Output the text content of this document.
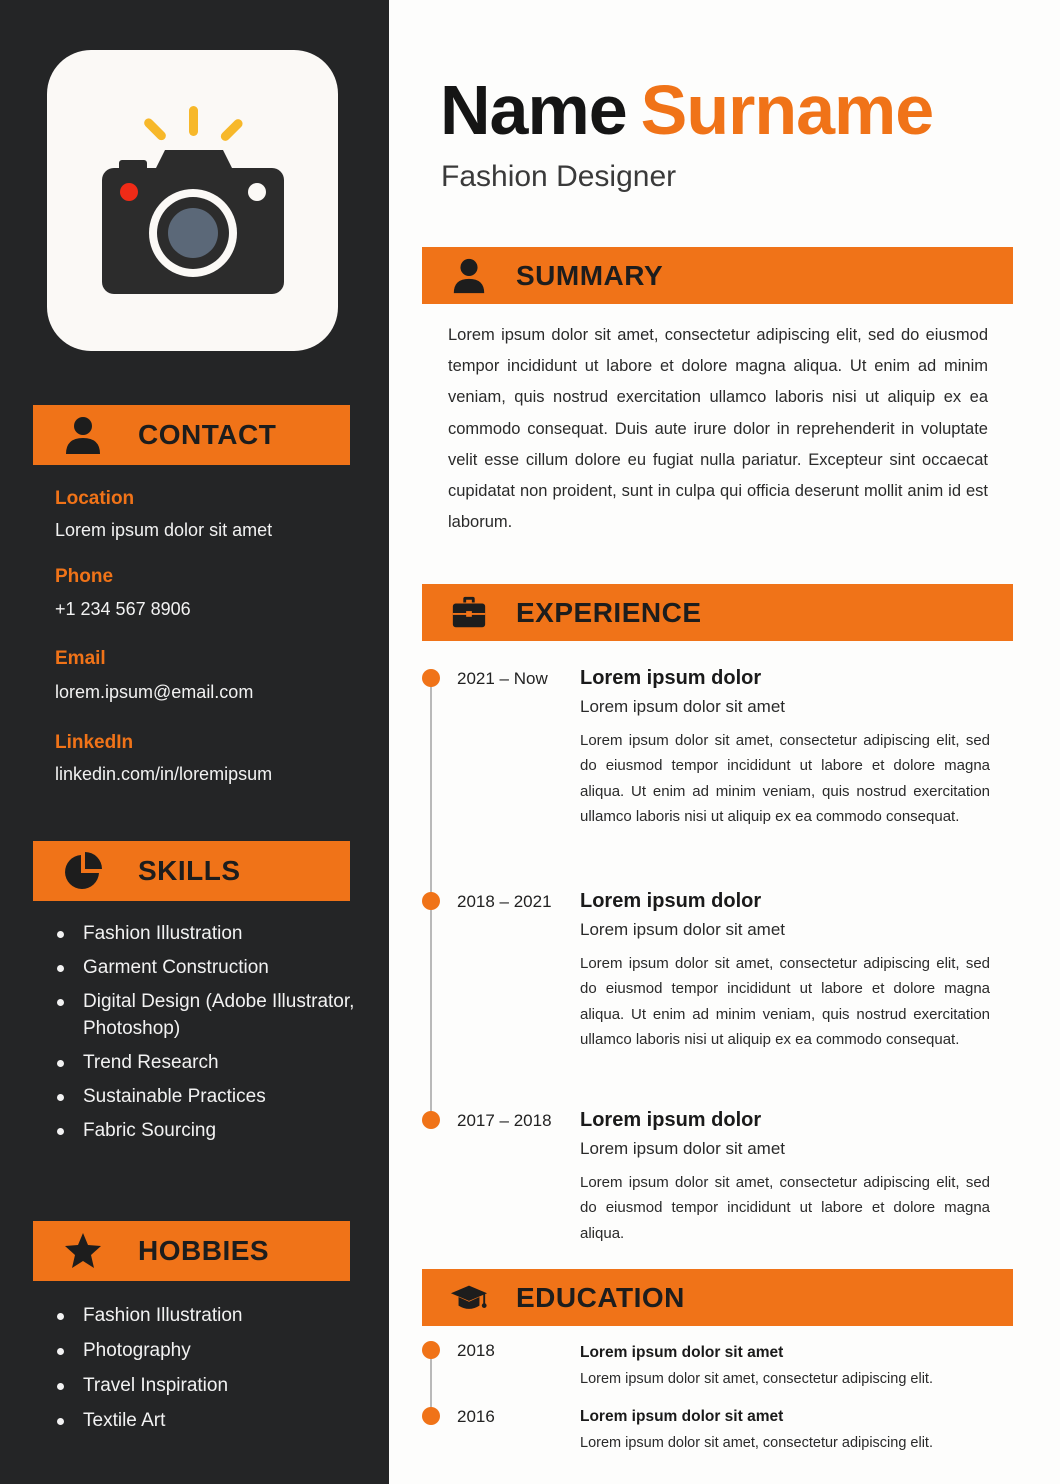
CONTACT
Location
Lorem ipsum dolor sit amet
Phone
+1 234 567 8906
Email
lorem.ipsum@email.com
LinkedIn
linkedin.com/in/loremipsum
SKILLS
Fashion Illustration
Garment Construction
Digital Design (Adobe Illustrator, Photoshop)
Trend Research
Sustainable Practices
Fabric Sourcing
HOBBIES
Fashion Illustration
Photography
Travel Inspiration
Textile Art
Name Surname
Fashion Designer
SUMMARY
Lorem ipsum dolor sit amet, consectetur adipiscing elit, sed do eiusmod tempor incididunt ut labore et dolore magna aliqua. Ut enim ad minim veniam, quis nostrud exercitation ullamco laboris nisi ut aliquip ex ea commodo consequat. Duis aute irure dolor in reprehenderit in voluptate velit esse cillum dolore eu fugiat nulla pariatur. Excepteur sint occaecat cupidatat non proident, sunt in culpa qui officia deserunt mollit anim id est laborum.
EXPERIENCE
2021 – Now Lorem ipsum dolor
Lorem ipsum dolor sit amet
Lorem ipsum dolor sit amet, consectetur adipiscing elit, sed do eiusmod tempor incididunt ut labore et dolore magna aliqua. Ut enim ad minim veniam, quis nostrud exercitation ullamco laboris nisi ut aliquip ex ea commodo consequat.
2018 – 2021 Lorem ipsum dolor
Lorem ipsum dolor sit amet
Lorem ipsum dolor sit amet, consectetur adipiscing elit, sed do eiusmod tempor incididunt ut labore et dolore magna aliqua. Ut enim ad minim veniam, quis nostrud exercitation ullamco laboris nisi ut aliquip ex ea commodo consequat.
2017 – 2018 Lorem ipsum dolor
Lorem ipsum dolor sit amet
Lorem ipsum dolor sit amet, consectetur adipiscing elit, sed do eiusmod tempor incididunt ut labore et dolore magna aliqua.
EDUCATION
2018	Lorem ipsum dolor sit amet
Lorem ipsum dolor sit amet, consectetur adipiscing elit.
2016	Lorem ipsum dolor sit amet
Lorem ipsum dolor sit amet, consectetur adipiscing elit.
